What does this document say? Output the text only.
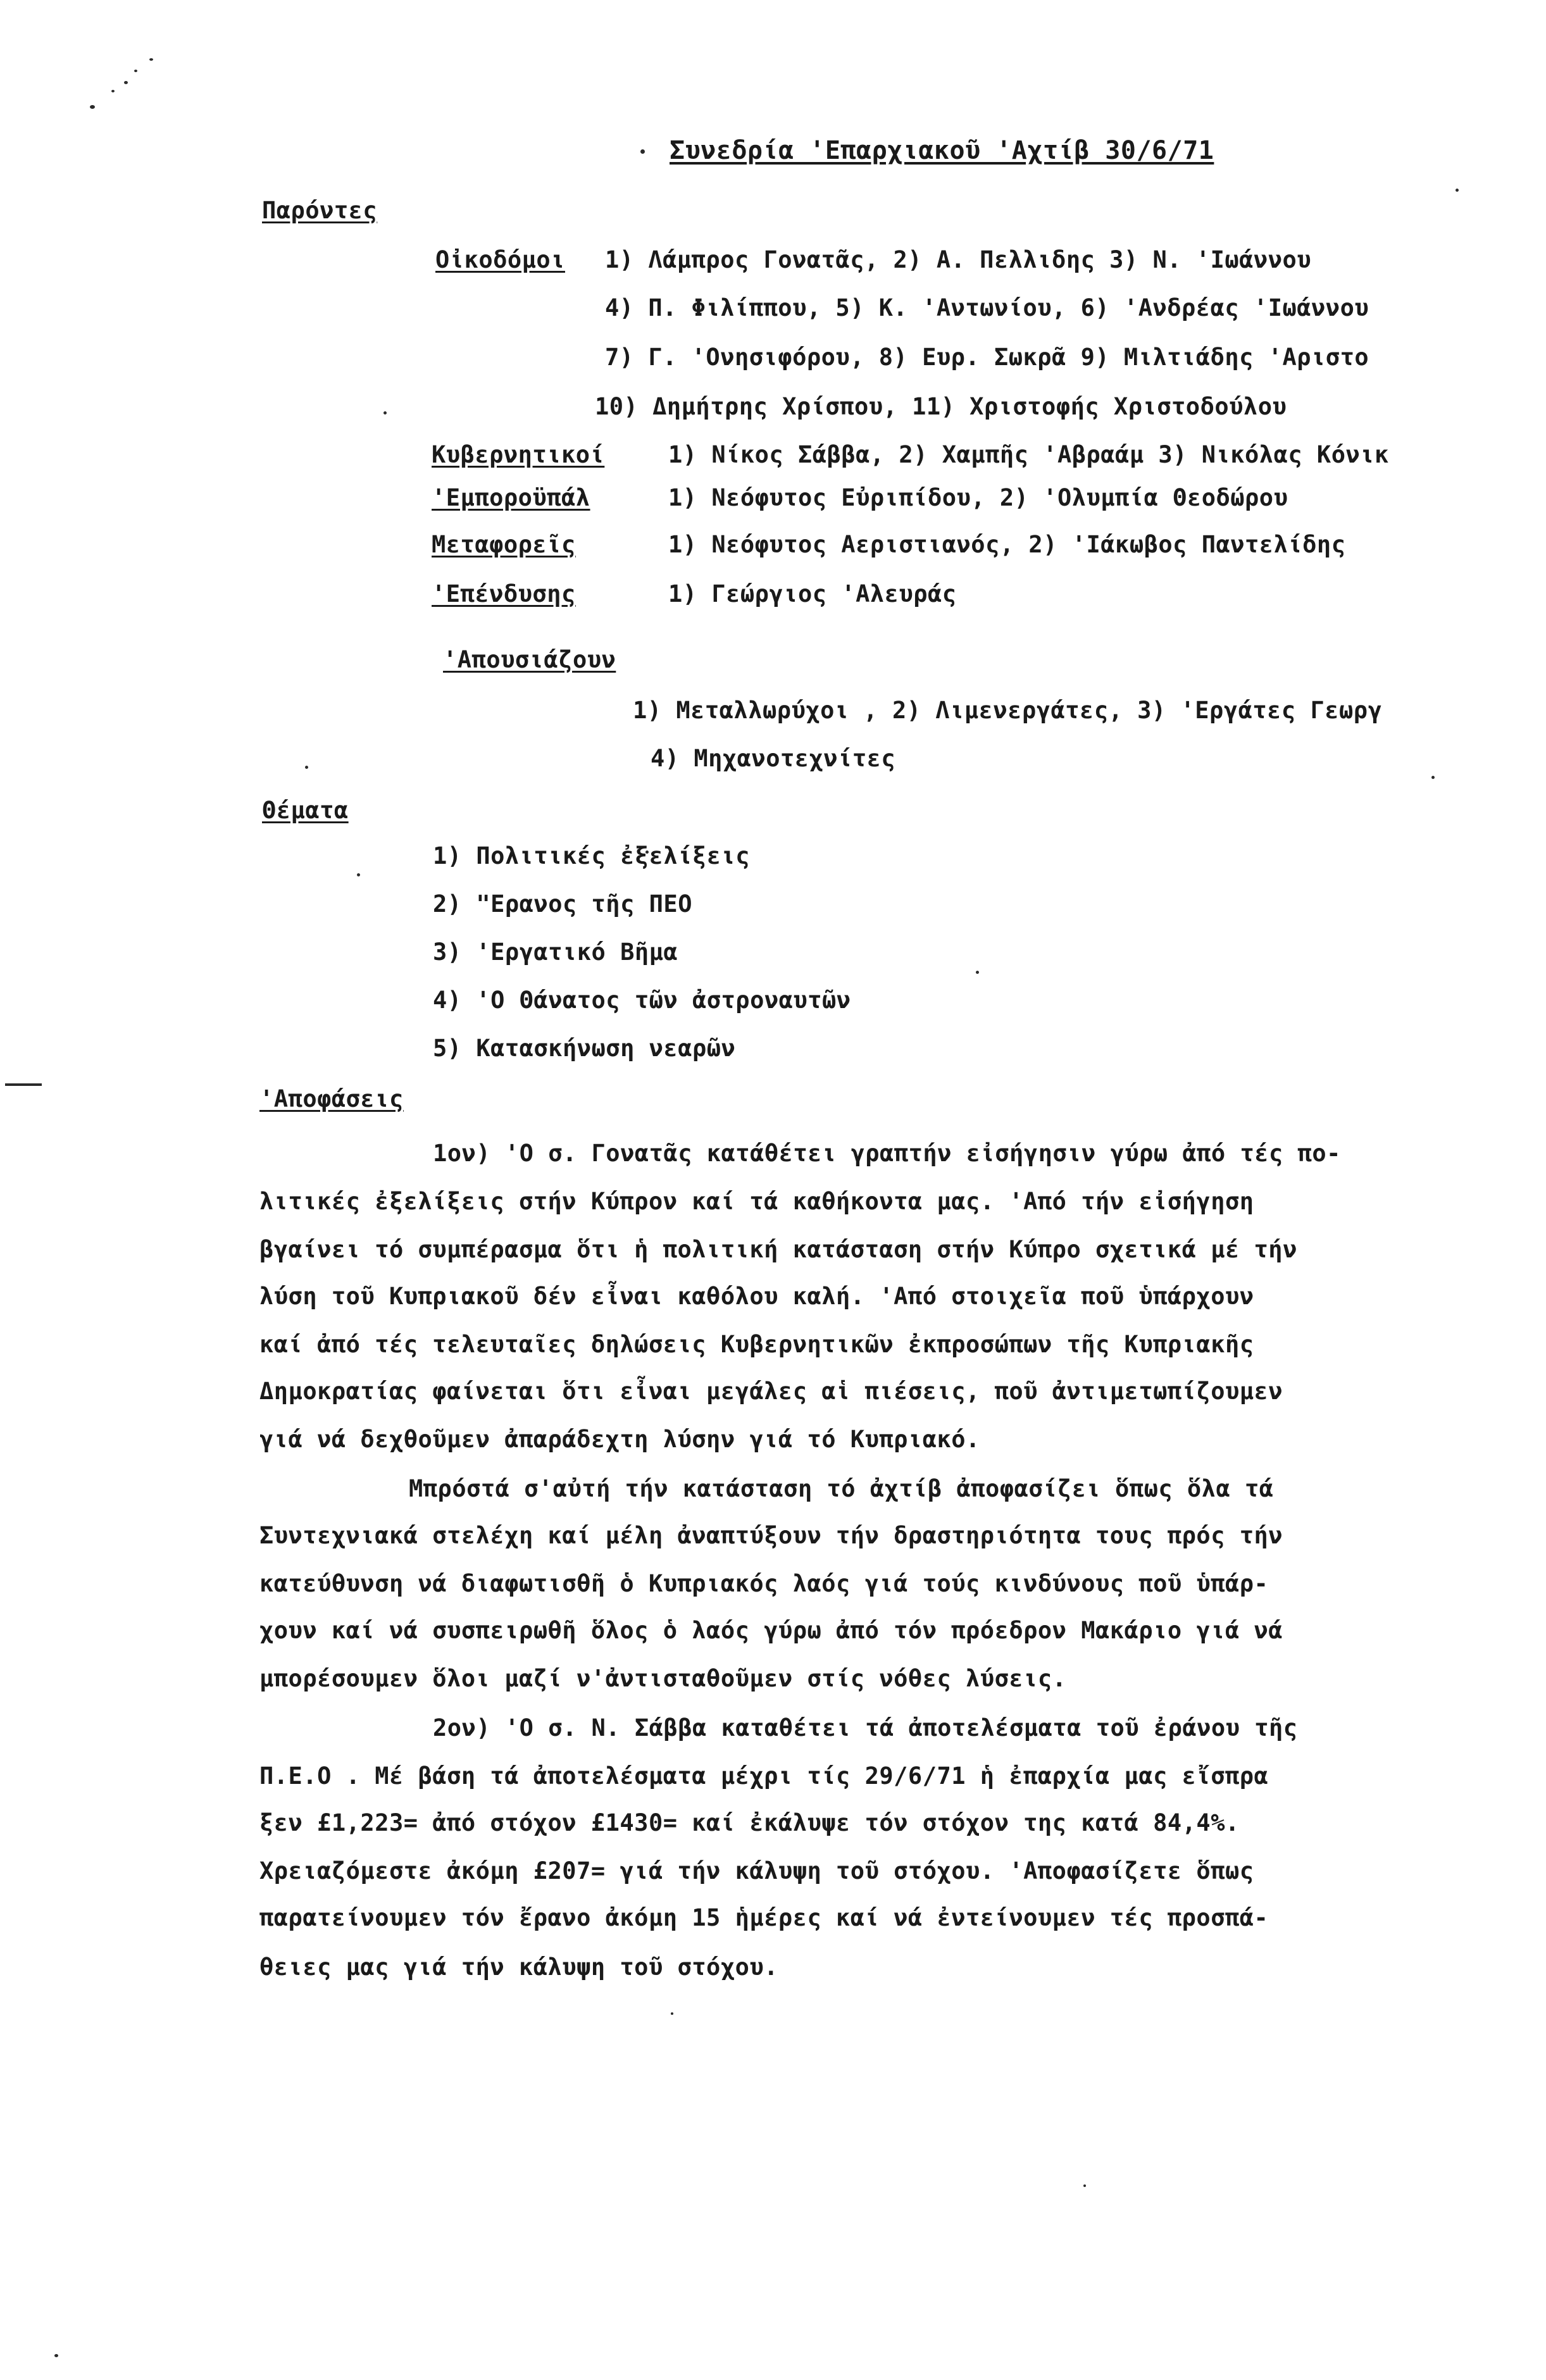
Συνεδρία 'Επαρχιακοῦ 'Αχτίβ 30/6/71
Παρόντες
Οἰκοδόμοι 1) Λάμπρος Γονατᾶς, 2) Α. Πελλιδης 3) Ν. 'Ιωάννου
4) Π. Φιλίππου, 5) Κ. 'Αντωνίου, 6) 'Ανδρέας 'Ιωάννου
7) Γ. 'Ονησιφόρου, 8) Ευρ. Σωκρᾶ 9) Μιλτιάδης 'Αριστο
10) Δημήτρης Χρίσπου, 11) Χριστοφής Χριστοδούλου
Κυβερνητικοί	1) Νίκος Σάββα, 2) Χαμπῆς 'Αβραάμ 3) Νικόλας Κόνικ
'Εμποροϋπάλ	1) Νεόφυτος Εὐριπίδου, 2) 'Ολυμπία Θεοδώρου
Μεταφορεῖς	1) Νεόφυτος Αεριστιανός, 2) 'Ιάκωβος Παντελίδης
'Επένδυσης	1) Γεώργιος 'Αλευράς
'Απουσιάζουν
1) Μεταλλωρύχοι , 2) Λιμενεργάτες, 3) 'Εργάτες Γεωργ
4) Μηχανοτεχνίτες
Θέματα
1) Πολιτικές ἐξελίξεις
2) "Ερανος τῆς ΠΕΟ
3) 'Εργατικό Βῆμα
4) 'Ο Θάνατος τῶν ἀστροναυτῶν
5) Κατασκήνωση νεαρῶν
'Αποφάσεις
1ον) 'Ο σ. Γονατᾶς κατάθέτει γραπτήν εἰσήγησιν γύρω ἀπό τές πο-
λιτικές ἐξελίξεις στήν Κύπρον καί τά καθήκοντα μας. 'Από τήν εἰσήγηση
βγαίνει τό συμπέρασμα ὅτι ἡ πολιτική κατάσταση στήν Κύπρο σχετικά μέ τήν
λύση τοῦ Κυπριακοῦ δέν εἶναι καθόλου καλή. 'Από στοιχεῖα ποῦ ὑπάρχουν
καί ἀπό τές τελευταῖες δηλώσεις Κυβερνητικῶν ἐκπροσώπων τῆς Κυπριακῆς
Δημοκρατίας φαίνεται ὅτι εἶναι μεγάλες αἱ πιέσεις, ποῦ ἀντιμετωπίζουμεν
γιά νά δεχθοῦμεν ἀπαράδεχτη λύσην γιά τό Κυπριακό.
Μπρόστά σ'αὐτή τήν κατάσταση τό ἀχτίβ ἀποφασίζει ὅπως ὅλα τά
Συντεχνιακά στελέχη καί μέλη ἀναπτύξουν τήν δραστηριότητα τους πρός τήν
κατεύθυνση νά διαφωτισθῆ ὁ Κυπριακός λαός γιά τούς κινδύνους ποῦ ὑπάρ-
χουν καί νά συσπειρωθῆ ὅλος ὁ λαός γύρω ἀπό τόν πρόεδρον Μακάριο γιά νά
μπορέσουμεν ὅλοι μαζί ν'ἀντισταθοῦμεν στίς νόθες λύσεις.
2ον) 'Ο σ. Ν. Σάββα καταθέτει τά ἀποτελέσματα τοῦ ἐράνου τῆς
Π.Ε.Ο . Μέ βάση τά ἀποτελέσματα μέχρι τίς 29/6/71 ἡ ἐπαρχία μας εἴσπρα
ξεν £1,223= ἀπό στόχον £1430= καί ἐκάλυψε τόν στόχον της κατά 84,4%.
Χρειαζόμεστε ἀκόμη £207= γιά τήν κάλυψη τοῦ στόχου. 'Αποφασίζετε ὅπως
παρατείνουμεν τόν ἔρανο ἀκόμη 15 ἡμέρες καί νά ἐντείνουμεν τές προσπά-
θειες μας γιά τήν κάλυψη τοῦ στόχου.
